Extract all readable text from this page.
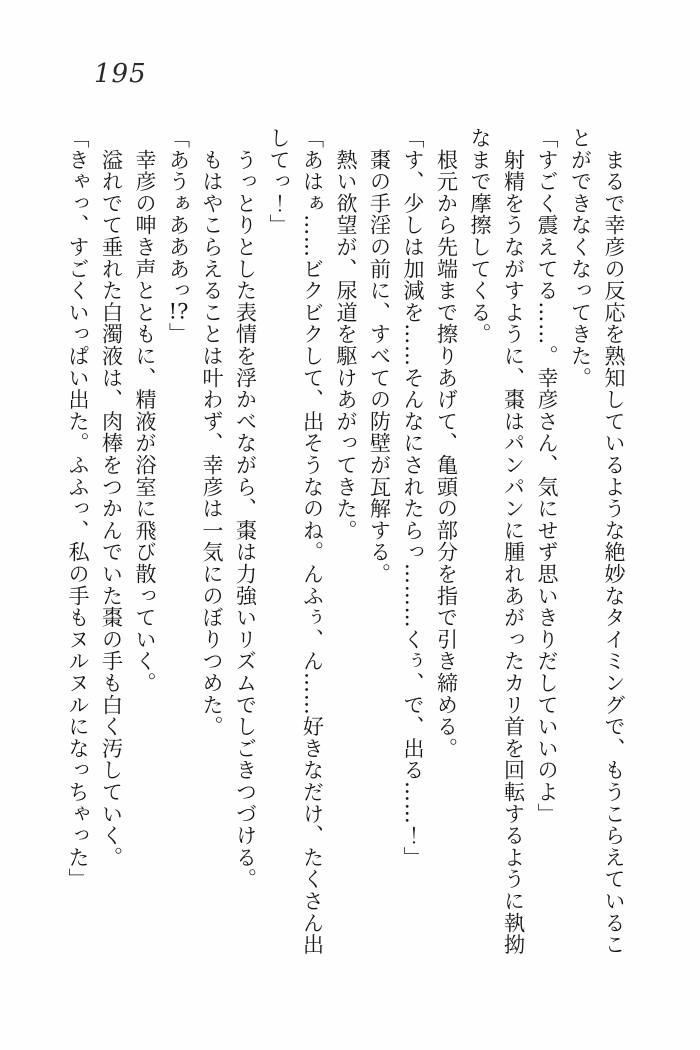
195

　まるで幸彦の反応を熟知しているような絶妙なタイミングで、もうこらえているこ

とができなくなってきた。

「すごく震えてる……。幸彦さん、気にせず思いきりだしていいのよ」

　射精をうながすように、棗はパンパンに腫れあがったカリ首を回転するように執拗

なまで摩擦してくる。

　根元から先端まで擦りあげて、亀頭の部分を指で引き締める。

「す、少しは加減を……そんなにされたらっ………くぅ、で、出る……！」

　棗の手淫の前に、すべての防壁が瓦解する。

　熱い欲望が、尿道を駆けあがってきた。

「あはぁ……ビクビクして、出そうなのね。んふぅ、ん……好きなだけ、たくさん出

してっ！」

　うっとりとした表情を浮かべながら、棗は力強いリズムでしごきつづける。

　もはやこらえることは叶わず、幸彦は一気にのぼりつめた。

「あうぁあああっ!?」

　幸彦の呻き声とともに、精液が浴室に飛び散っていく。

　溢れでて垂れた白濁液は、肉棒をつかんでいた棗の手も白く汚していく。

「きゃっ、すごくいっぱい出た。ふふっ、私の手もヌルヌルになっちゃった」
